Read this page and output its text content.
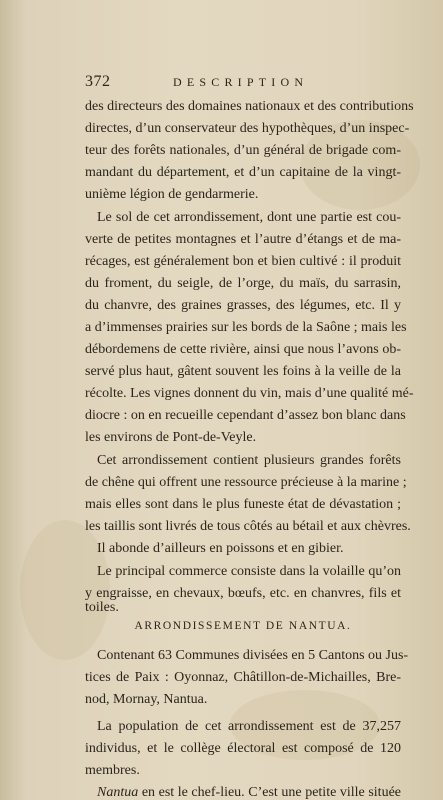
372	DESCRIPTION
des directeurs des domaines nationaux et des contributions
directes, d’un conservateur des hypothèques, d’un inspec-
teur des forêts nationales, d’un général de brigade com-
mandant du département, et d’un capitaine de la vingt-
unième légion de gendarmerie.
Le sol de cet arrondissement, dont une partie est cou-
verte de petites montagnes et l’autre d’étangs et de ma-
récages, est généralement bon et bien cultivé : il produit
du froment, du seigle, de l’orge, du maïs, du sarrasin,
du chanvre, des graines grasses, des légumes, etc. Il y
a d’immenses prairies sur les bords de la Saône ; mais les
débordemens de cette rivière, ainsi que nous l’avons ob-
servé plus haut, gâtent souvent les foins à la veille de la
récolte. Les vignes donnent du vin, mais d’une qualité mé-
diocre : on en recueille cependant d’assez bon blanc dans
les environs de Pont-de-Veyle.
Cet arrondissement contient plusieurs grandes forêts
de chêne qui offrent une ressource précieuse à la marine ;
mais elles sont dans le plus funeste état de dévastation ;
les taillis sont livrés de tous côtés au bétail et aux chèvres.
Il abonde d’ailleurs en poissons et en gibier.
Le principal commerce consiste dans la volaille qu’on
y engraisse, en chevaux, bœufs, etc. en chanvres, fils et
toiles.
ARRONDISSEMENT DE NANTUA.
Contenant 63 Communes divisées en 5 Cantons ou Jus-
tices de Paix : Oyonnaz, Châtillon-de-Michailles, Bre-
nod, Mornay, Nantua.
La population de cet arrondissement est de 37,257
individus, et le collège électoral est composé de 120
membres.
Nantua en est le chef-lieu. C’est une petite ville située
